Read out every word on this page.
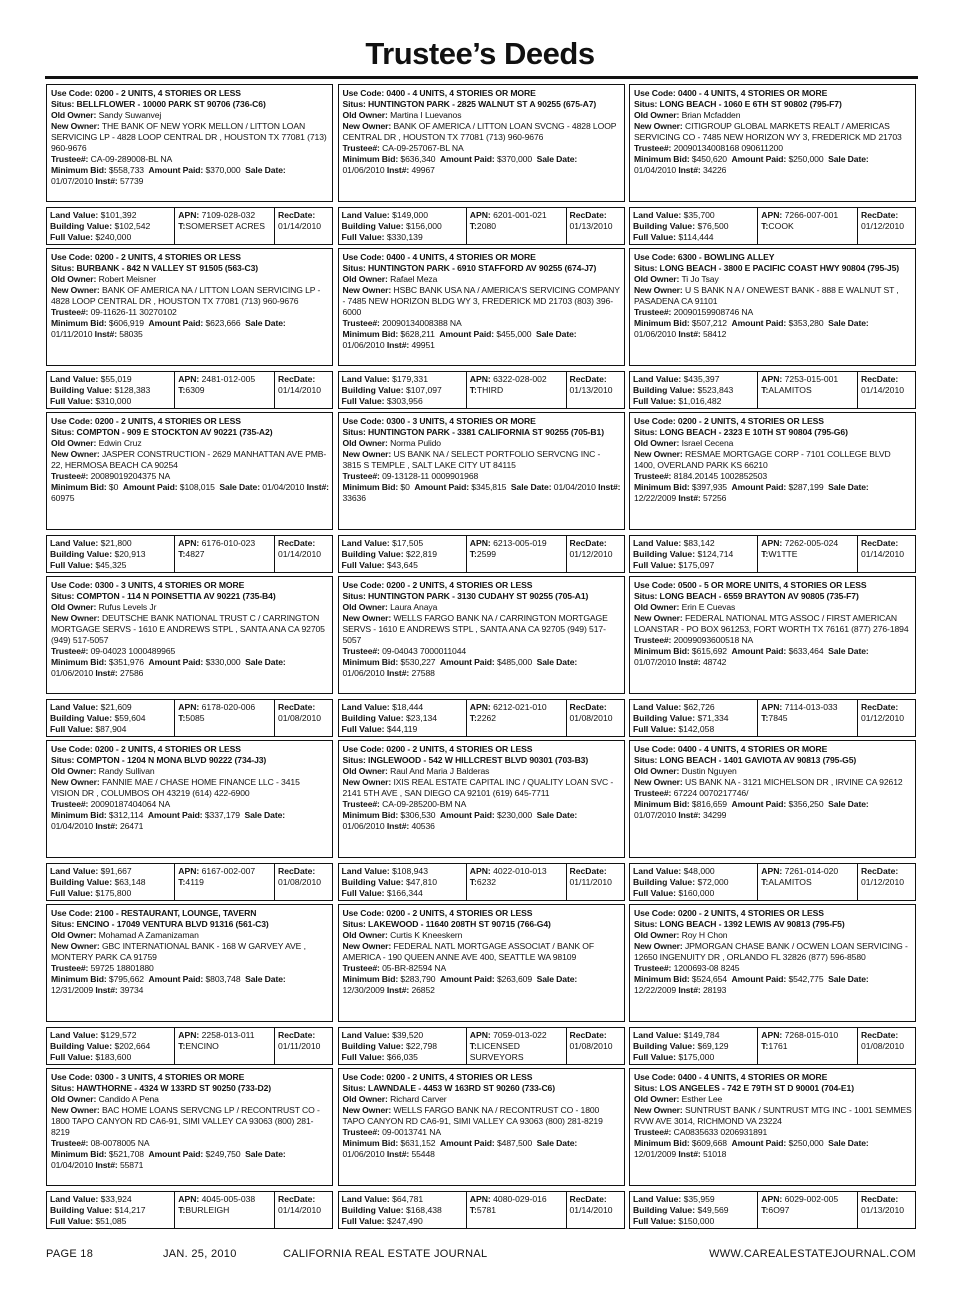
Trustee’s Deeds
Use Code: 0200 - 2 UNITS, 4 STORIES OR LESS
Situs: BELLFLOWER - 10000 PARK ST 90706 (736-C6)
Old Owner: Sandy Suwanvej
New Owner: THE BANK OF NEW YORK MELLON / LITTON LOAN SERVICING LP - 4828 LOOP CENTRAL DR , HOUSTON TX 77081 (713) 960-9676
Trustee#: CA-09-289008-BL NA
Minimum Bid: $558,733 Amount Paid: $370,000 Sale Date: 01/07/2010 Inst#: 57739
Land Value: $101,392
Building Value: $102,542
Full Value: $240,000
APN: 7109-028-032
T:SOMERSET ACRES
RecDate:
01/14/2010
Use Code: 0200 - 2 UNITS, 4 STORIES OR LESS
Situs: BURBANK - 842 N VALLEY ST 91505 (563-C3)
Old Owner: Robert Meisner
New Owner: BANK OF AMERICA NA / LITTON LOAN SERVICING LP - 4828 LOOP CENTRAL DR , HOUSTON TX 77081 (713) 960-9676
Trustee#: 09-11626-11 30270102
Minimum Bid: $606,919 Amount Paid: $623,666 Sale Date: 01/11/2010 Inst#: 58035
Land Value: $55,019
Building Value: $128,383
Full Value: $310,000
APN: 2481-012-005
T:6309
RecDate:
01/14/2010
Use Code: 0200 - 2 UNITS, 4 STORIES OR LESS
Situs: COMPTON - 909 E STOCKTON AV 90221 (735-A2)
Old Owner: Edwin Cruz
New Owner: JASPER CONSTRUCTION - 2629 MANHATTAN AVE PMB-22, HERMOSA BEACH CA 90254
Trustee#: 20089019204375 NA
Minimum Bid: $0 Amount Paid: $108,015 Sale Date: 01/04/2010 Inst#: 60975
Land Value: $21,800
Building Value: $20,913
Full Value: $45,325
APN: 6176-010-023
T:4827
RecDate:
01/14/2010
Use Code: 0300 - 3 UNITS, 4 STORIES OR MORE
Situs: COMPTON - 114 N POINSETTIA AV 90221 (735-B4)
Old Owner: Rufus Levels Jr
New Owner: DEUTSCHE BANK NATIONAL TRUST C / CARRINGTON MORTGAGE SERVS - 1610 E ANDREWS STPL , SANTA ANA CA 92705 (949) 517-5057
Trustee#: 09-04023 1000489965
Minimum Bid: $351,976 Amount Paid: $330,000 Sale Date: 01/06/2010 Inst#: 27586
Land Value: $21,609
Building Value: $59,604
Full Value: $87,904
APN: 6178-020-006
T:5085
RecDate:
01/08/2010
Use Code: 0200 - 2 UNITS, 4 STORIES OR LESS
Situs: COMPTON - 1204 N MONA BLVD 90222 (734-J3)
Old Owner: Randy Sullivan
New Owner: FANNIE MAE / CHASE HOME FINANCE LLC - 3415 VISION DR , COLUMBOS OH 43219 (614) 422-6900
Trustee#: 20090187404064 NA
Minimum Bid: $312,114 Amount Paid: $337,179 Sale Date: 01/04/2010 Inst#: 26471
Land Value: $91,667
Building Value: $63,148
Full Value: $175,800
APN: 6167-002-007
T:4119
RecDate:
01/08/2010
Use Code: 2100 - RESTAURANT, LOUNGE, TAVERN
Situs: ENCINO - 17049 VENTURA BLVD 91316 (561-C3)
Old Owner: Mohamad A Zamanizaman
New Owner: GBC INTERNATIONAL BANK - 168 W GARVEY AVE , MONTERY PARK CA 91759
Trustee#: 59725 18801880
Minimum Bid: $795,662 Amount Paid: $803,748 Sale Date: 12/31/2009 Inst#: 39734
Land Value: $129,572
Building Value: $202,664
Full Value: $183,600
APN: 2258-013-011
T:ENCINO
RecDate:
01/11/2010
Use Code: 0300 - 3 UNITS, 4 STORIES OR MORE
Situs: HAWTHORNE - 4324 W 133RD ST 90250 (733-D2)
Old Owner: Candido A Pena
New Owner: BAC HOME LOANS SERVCNG LP / RECONTRUST CO - 1800 TAPO CANYON RD CA6-91, SIMI VALLEY CA 93063 (800) 281-8219
Trustee#: 08-0078005 NA
Minimum Bid: $521,708 Amount Paid: $249,750 Sale Date: 01/04/2010 Inst#: 55871
Land Value: $33,924
Building Value: $14,217
Full Value: $51,085
APN: 4045-005-038
T:BURLEIGH
RecDate:
01/14/2010
Use Code: 0400 - 4 UNITS, 4 STORIES OR MORE
Situs: HUNTINGTON PARK - 2825 WALNUT ST A 90255 (675-A7)
Old Owner: Martina I Luevanos
New Owner: BANK OF AMERICA / LITTON LOAN SVCNG - 4828 LOOP CENTRAL DR , HOUSTON TX 77081 (713) 960-9676
Trustee#: CA-09-257067-BL NA
Minimum Bid: $636,340 Amount Paid: $370,000 Sale Date: 01/06/2010 Inst#: 49967
Land Value: $149,000
Building Value: $156,000
Full Value: $330,139
APN: 6201-001-021
T:2080
RecDate:
01/13/2010
Use Code: 0400 - 4 UNITS, 4 STORIES OR MORE
Situs: HUNTINGTON PARK - 6910 STAFFORD AV 90255 (674-J7)
Old Owner: Rafael Meza
New Owner: HSBC BANK USA NA / AMERICA'S SERVICING COMPANY - 7485 NEW HORIZON BLDG WY 3, FREDERICK MD 21703 (803) 396-6000
Trustee#: 20090134008388 NA
Minimum Bid: $628,211 Amount Paid: $455,000 Sale Date: 01/06/2010 Inst#: 49951
Land Value: $179,331
Building Value: $107,097
Full Value: $303,956
APN: 6322-028-002
T:THIRD
RecDate:
01/13/2010
Use Code: 0300 - 3 UNITS, 4 STORIES OR MORE
Situs: HUNTINGTON PARK - 3381 CALIFORNIA ST 90255 (705-B1)
Old Owner: Norma Pulido
New Owner: US BANK NA / SELECT PORTFOLIO SERVCNG INC - 3815 S TEMPLE , SALT LAKE CITY UT 84115
Trustee#: 09-13128-11 0009901968
Minimum Bid: $0 Amount Paid: $345,815 Sale Date: 01/04/2010 Inst#: 33636
Land Value: $17,505
Building Value: $22,819
Full Value: $43,645
APN: 6213-005-019
T:2599
RecDate:
01/12/2010
Use Code: 0200 - 2 UNITS, 4 STORIES OR LESS
Situs: HUNTINGTON PARK - 3130 CUDAHY ST 90255 (705-A1)
Old Owner: Laura Anaya
New Owner: WELLS FARGO BANK NA / CARRINGTON MORTGAGE SERVS - 1610 E ANDREWS STPL , SANTA ANA CA 92705 (949) 517-5057
Trustee#: 09-04043 7000011044
Minimum Bid: $530,227 Amount Paid: $485,000 Sale Date: 01/06/2010 Inst#: 27588
Land Value: $18,444
Building Value: $23,134
Full Value: $44,119
APN: 6212-021-010
T:2262
RecDate:
01/08/2010
Use Code: 0200 - 2 UNITS, 4 STORIES OR LESS
Situs: INGLEWOOD - 542 W HILLCREST BLVD 90301 (703-B3)
Old Owner: Raul And Maria J Balderas
New Owner: IXIS REAL ESTATE CAPITAL INC / QUALITY LOAN SVC - 2141 5TH AVE , SAN DIEGO CA 92101 (619) 645-7711
Trustee#: CA-09-285200-BM NA
Minimum Bid: $306,530 Amount Paid: $230,000 Sale Date: 01/06/2010 Inst#: 40536
Land Value: $108,943
Building Value: $47,810
Full Value: $166,344
APN: 4022-010-013
T:6232
RecDate:
01/11/2010
Use Code: 0200 - 2 UNITS, 4 STORIES OR LESS
Situs: LAKEWOOD - 11640 208TH ST 90715 (766-G4)
Old Owner: Curtis K Kneeskern
New Owner: FEDERAL NATL MORTGAGE ASSOCIAT / BANK OF AMERICA - 190 QUEEN ANNE AVE 400, SEATTLE WA 98109
Trustee#: 05-BR-82594 NA
Minimum Bid: $283,790 Amount Paid: $263,609 Sale Date: 12/30/2009 Inst#: 26852
Land Value: $39,520
Building Value: $22,798
Full Value: $66,035
APN: 7059-013-022
T:LICENSED SURVEYORS
RecDate:
01/08/2010
Use Code: 0200 - 2 UNITS, 4 STORIES OR LESS
Situs: LAWNDALE - 4453 W 163RD ST 90260 (733-C6)
Old Owner: Richard Carver
New Owner: WELLS FARGO BANK NA / RECONTRUST CO - 1800 TAPO CANYON RD CA6-91, SIMI VALLEY CA 93063 (800) 281-8219
Trustee#: 09-0013741 NA
Minimum Bid: $631,152 Amount Paid: $487,500 Sale Date: 01/06/2010 Inst#: 55448
Land Value: $64,781
Building Value: $168,438
Full Value: $247,490
APN: 4080-029-016
T:5781
RecDate:
01/14/2010
Use Code: 0400 - 4 UNITS, 4 STORIES OR MORE
Situs: LONG BEACH - 1060 E 6TH ST 90802 (795-F7)
Old Owner: Brian Mcfadden
New Owner: CITIGROUP GLOBAL MARKETS REALT / AMERICAS SERVICING CO - 7485 NEW HORIZON WY 3, FREDERICK MD 21703
Trustee#: 20090134008168 090611200
Minimum Bid: $450,620 Amount Paid: $250,000 Sale Date: 01/04/2010 Inst#: 34226
Land Value: $35,700
Building Value: $76,500
Full Value: $114,444
APN: 7266-007-001
T:COOK
RecDate:
01/12/2010
Use Code: 6300 - BOWLING ALLEY
Situs: LONG BEACH - 3800 E PACIFIC COAST HWY 90804 (795-J5)
Old Owner: Ti Jo Tsay
New Owner: U S BANK N A / ONEWEST BANK - 888 E WALNUT ST , PASADENA CA 91101
Trustee#: 20090159908746 NA
Minimum Bid: $507,212 Amount Paid: $353,280 Sale Date: 01/06/2010 Inst#: 58412
Land Value: $435,397
Building Value: $523,843
Full Value: $1,016,482
APN: 7253-015-001
T:ALAMITOS
RecDate:
01/14/2010
Use Code: 0200 - 2 UNITS, 4 STORIES OR LESS
Situs: LONG BEACH - 2323 E 10TH ST 90804 (795-G6)
Old Owner: Israel Cecena
New Owner: RESMAE MORTGAGE CORP - 7101 COLLEGE BLVD 1400, OVERLAND PARK KS 66210
Trustee#: 8184.20145 1002852503
Minimum Bid: $397,935 Amount Paid: $287,199 Sale Date: 12/22/2009 Inst#: 57256
Land Value: $83,142
Building Value: $124,714
Full Value: $175,097
APN: 7262-005-024
T:W1TTE
RecDate:
01/14/2010
Use Code: 0500 - 5 OR MORE UNITS, 4 STORIES OR LESS
Situs: LONG BEACH - 6559 BRAYTON AV 90805 (735-F7)
Old Owner: Erin E Cuevas
New Owner: FEDERAL NATIONAL MTG ASSOC / FIRST AMERICAN LOANSTAR - PO BOX 961253, FORT WORTH TX 76161 (877) 276-1894
Trustee#: 20099093600518 NA
Minimum Bid: $615,692 Amount Paid: $633,464 Sale Date: 01/07/2010 Inst#: 48742
Land Value: $62,726
Building Value: $71,334
Full Value: $142,058
APN: 7114-013-033
T:7845
RecDate:
01/12/2010
Use Code: 0400 - 4 UNITS, 4 STORIES OR MORE
Situs: LONG BEACH - 1401 GAVIOTA AV 90813 (795-G5)
Old Owner: Dustin Nguyen
New Owner: US BANK NA - 3121 MICHELSON DR , IRVINE CA 92612
Trustee#: 67224 0070217746/
Minimum Bid: $816,659 Amount Paid: $356,250 Sale Date: 01/07/2010 Inst#: 34299
Land Value: $48,000
Building Value: $72,000
Full Value: $160,000
APN: 7261-014-020
T:ALAMITOS
RecDate:
01/12/2010
Use Code: 0200 - 2 UNITS, 4 STORIES OR LESS
Situs: LONG BEACH - 1392 LEWIS AV 90813 (795-F5)
Old Owner: Roy H Chon
New Owner: JPMORGAN CHASE BANK / OCWEN LOAN SERVICING - 12650 INGENUITY DR , ORLANDO FL 32826 (877) 596-8580
Trustee#: 1200693-08 8245
Minimum Bid: $524,654 Amount Paid: $542,775 Sale Date: 12/22/2009 Inst#: 28193
Land Value: $149,784
Building Value: $69,129
Full Value: $175,000
APN: 7268-015-010
T:1761
RecDate:
01/08/2010
Use Code: 0400 - 4 UNITS, 4 STORIES OR MORE
Situs: LOS ANGELES - 742 E 79TH ST D 90001 (704-E1)
Old Owner: Esther Lee
New Owner: SUNTRUST BANK / SUNTRUST MTG INC - 1001 SEMMES RVW AVE 3014, RICHMOND VA 23224
Trustee#: CA0835633 0206931891
Minimum Bid: $609,668 Amount Paid: $250,000 Sale Date: 12/01/2009 Inst#: 51018
Land Value: $35,959
Building Value: $49,569
Full Value: $150,000
APN: 6029-002-005
T:6O97
RecDate:
01/13/2010
PAGE 18	JAN. 25, 2010	CALIFORNIA REAL ESTATE JOURNAL	WWW.CAREALESTATEJOURNAL.COM
